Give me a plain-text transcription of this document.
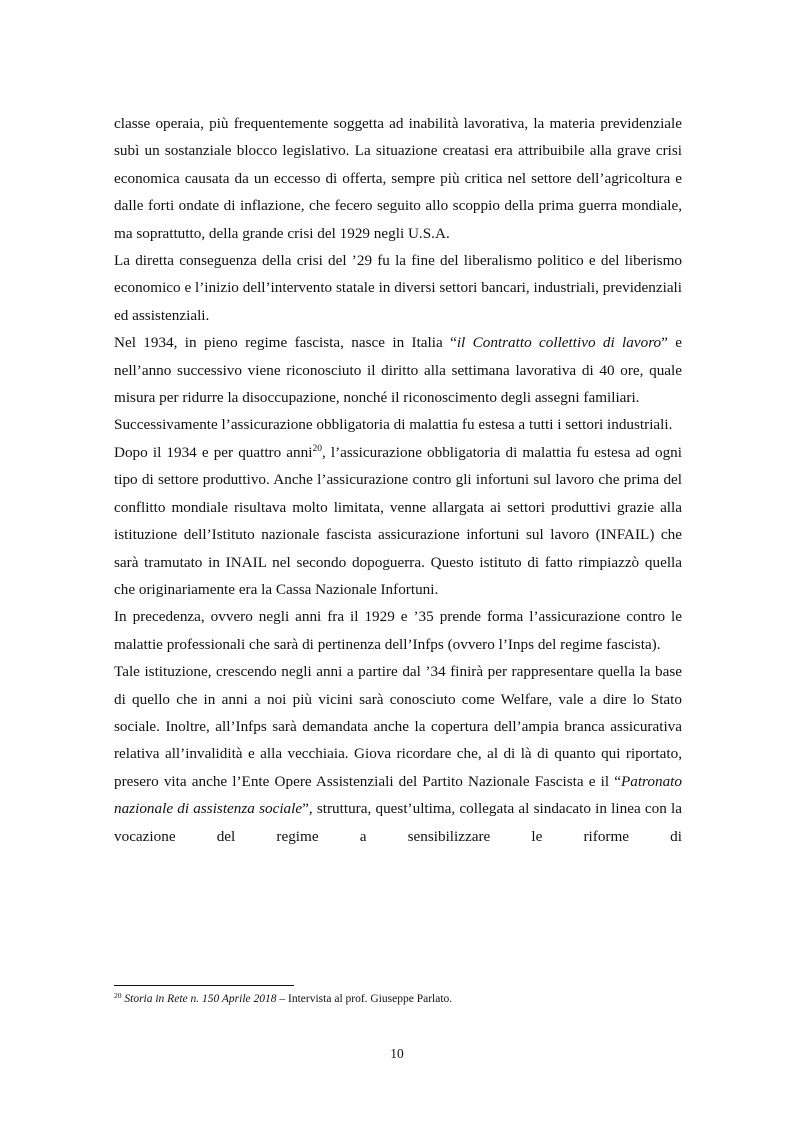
classe operaia, più frequentemente soggetta ad inabilità lavorativa, la materia previdenziale subì un sostanziale blocco legislativo. La situazione creatasi era attribuibile alla grave crisi economica causata da un eccesso di offerta, sempre più critica nel settore dell’agricoltura e dalle forti ondate di inflazione, che fecero seguito allo scoppio della prima guerra mondiale, ma soprattutto, della grande crisi del 1929 negli U.S.A.

La diretta conseguenza della crisi del ’29 fu la fine del liberalismo politico e del liberismo economico e l’inizio dell’intervento statale in diversi settori bancari, industriali, previdenziali ed assistenziali.

Nel 1934, in pieno regime fascista, nasce in Italia “il Contratto collettivo di lavoro” e nell’anno successivo viene riconosciuto il diritto alla settimana lavorativa di 40 ore, quale misura per ridurre la disoccupazione, nonché il riconoscimento degli assegni familiari.

Successivamente l’assicurazione obbligatoria di malattia fu estesa a tutti i settori industriali.

Dopo il 1934 e per quattro anni$^{20}$, l’assicurazione obbligatoria di malattia fu estesa ad ogni tipo di settore produttivo. Anche l’assicurazione contro gli infortuni sul lavoro che prima del conflitto mondiale risultava molto limitata, venne allargata ai settori produttivi grazie alla istituzione dell’Istituto nazionale fascista assicurazione infortuni sul lavoro (INFAIL) che sarà tramutato in INAIL nel secondo dopoguerra. Questo istituto di fatto rimpiazzò quella che originariamente era la Cassa Nazionale Infortuni.

In precedenza, ovvero negli anni fra il 1929 e ’35 prende forma l’assicurazione contro le malattie professionali che sarà di pertinenza dell’Infps (ovvero l’Inps del regime fascista).

Tale istituzione, crescendo negli anni a partire dal ’34 finirà per rappresentare quella la base di quello che in anni a noi più vicini sarà conosciuto come Welfare, vale a dire lo Stato sociale. Inoltre, all’Infps sarà demandata anche la copertura dell’ampia branca assicurativa relativa all’invalidità e alla vecchiaia. Giova ricordare che, al di là di quanto qui riportato, presero vita anche l’Ente Opere Assistenziali del Partito Nazionale Fascista e il “Patronato nazionale di assistenza sociale”, struttura, quest’ultima, collegata al sindacato in linea con la vocazione del regime a sensibilizzare le riforme di

$^{20}$ Storia in Rete n. 150 Aprile 2018 – Intervista al prof. Giuseppe Parlato.
10
